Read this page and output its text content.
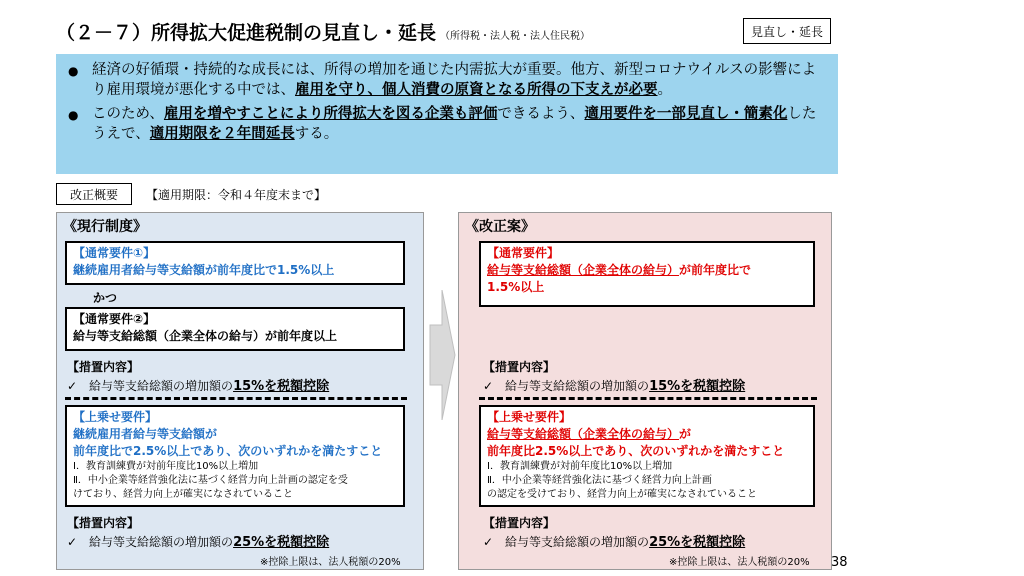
（２－７）所得拡大促進税制の見直し・延長 （所得税・法人税・法人住民税）	見直し・延長
● 経済の好循環・持続的な成長には、所得の増加を通じた内需拡大が重要。他方、新型コロナウイルスの影響により雇用環境が悪化する中では、雇用を守り、個人消費の原資となる所得の下支えが必要。
● このため、雇用を増やすことにより所得拡大を図る企業も評価できるよう、適用要件を一部見直し・簡素化したうえで、適用期限を２年間延長する。
改正概要	【適用期限：令和４年度末まで】
《現行制度》
【通常要件①】
継続雇用者給与等支給額が前年度比で1.5%以上
かつ
【通常要件②】
給与等支給総額（企業全体の給与）が前年度以上
【措置内容】
✓　給与等支給総額の増加額の15%を税額控除
【上乗せ要件】
継続雇用者給与等支給額が
前年度比で2.5%以上であり、次のいずれかを満たすこと
Ⅰ．教育訓練費が対前年度比10%以上増加
Ⅱ．中小企業等経営強化法に基づく経営力向上計画の認定を受
けており、経営力向上が確実になされていること
【措置内容】
✓　給与等支給総額の増加額の25%を税額控除
※控除上限は、法人税額の20%
《改正案》
【通常要件】
給与等支給総額（企業全体の給与）が前年度比で
1.5%以上
【措置内容】
✓　給与等支給総額の増加額の15%を税額控除
【上乗せ要件】
給与等支給総額（企業全体の給与）が
前年度比2.5%以上であり、次のいずれかを満たすこと
Ⅰ．教育訓練費が対前年度比10%以上増加
Ⅱ．中小企業等経営強化法に基づく経営力向上計画
の認定を受けており、経営力向上が確実になされていること
【措置内容】
✓　給与等支給総額の増加額の25%を税額控除
※控除上限は、法人税額の20% 38
